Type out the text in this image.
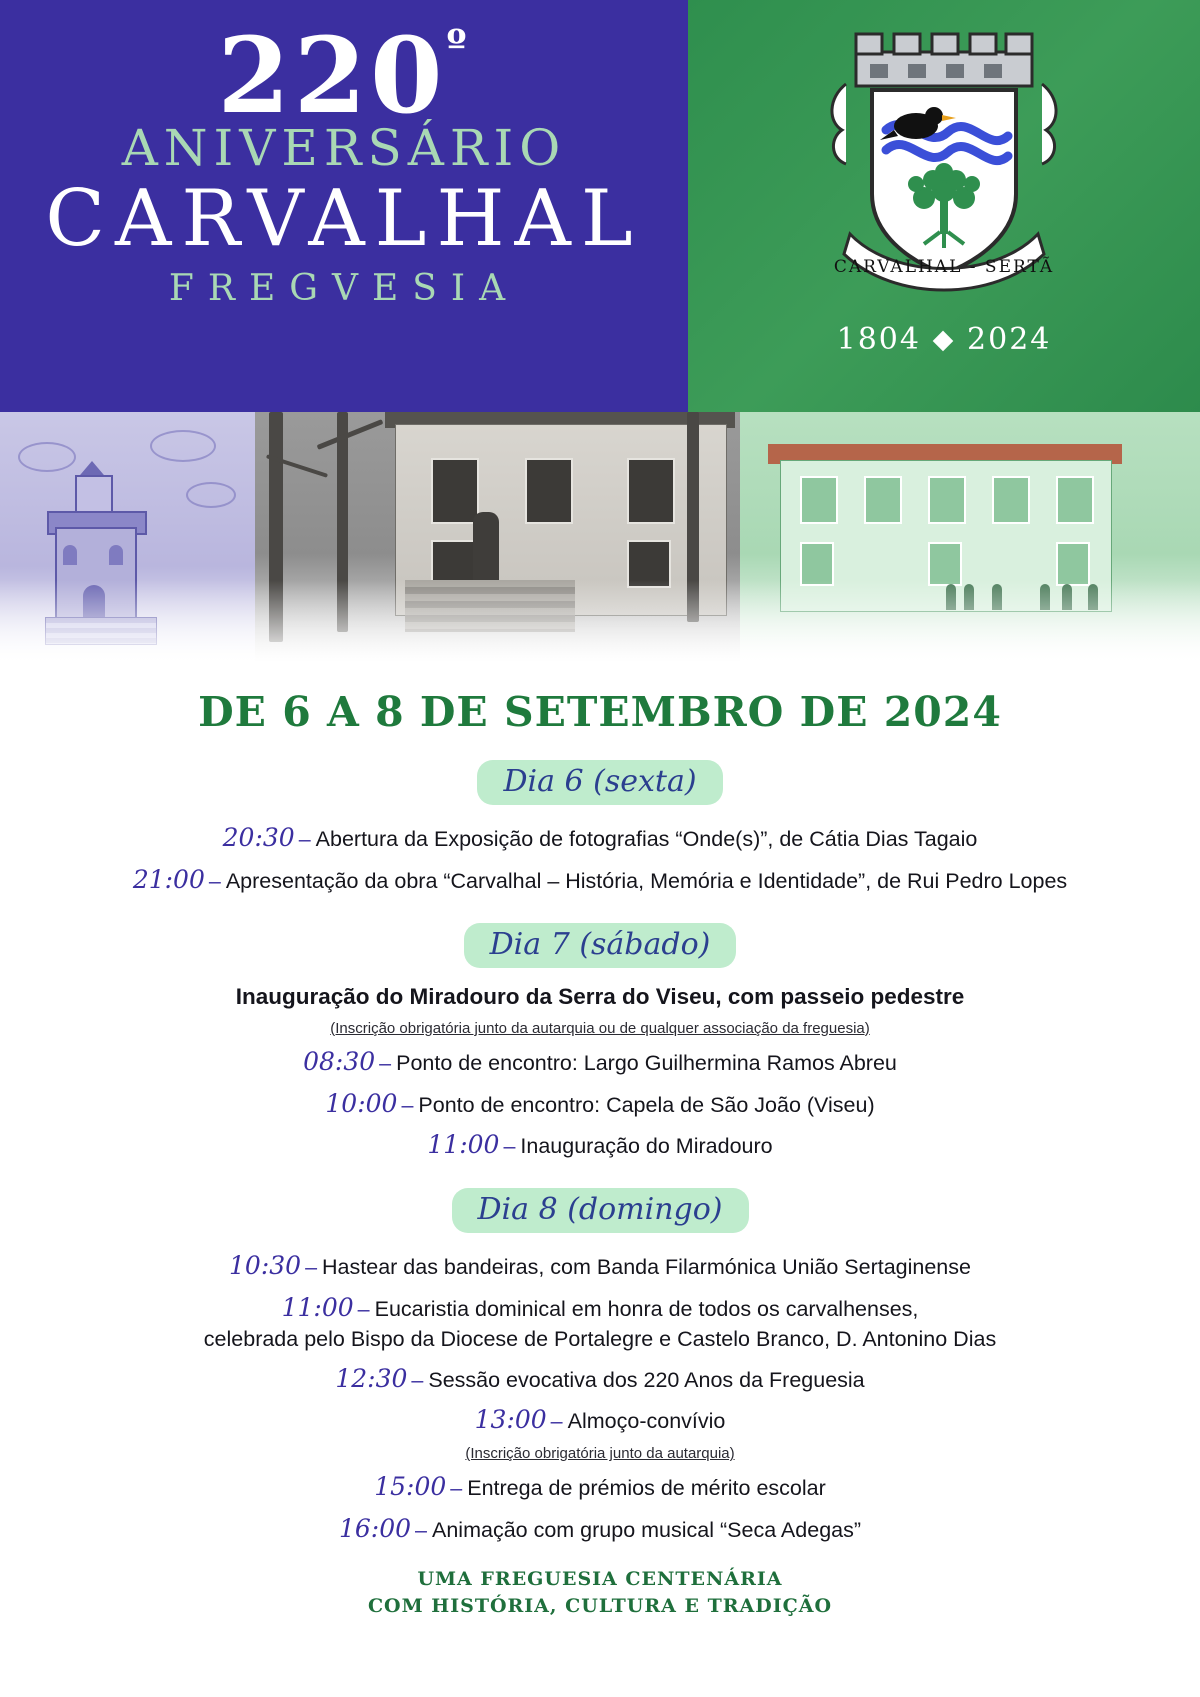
$220^º$
ANIVERSÁRIO
CARVALHAL
FREGVESIA
CARVALHAL - SERTÃ
1804 ⬥ 2024
DE 6 A 8 DE SETEMBRO DE 2024
Dia 6 (sexta)
20:30 – Abertura da Exposição de fotografias “Onde(s)”, de Cátia Dias Tagaio
21:00 – Apresentação da obra “Carvalhal – História, Memória e Identidade”, de Rui Pedro Lopes
Dia 7 (sábado)
Inauguração do Miradouro da Serra do Viseu, com passeio pedestre
(Inscrição obrigatória junto da autarquia ou de qualquer associação da freguesia)
08:30 – Ponto de encontro: Largo Guilhermina Ramos Abreu
10:00 – Ponto de encontro: Capela de São João (Viseu)
11:00 – Inauguração do Miradouro
Dia 8 (domingo)
10:30 – Hastear das bandeiras, com Banda Filarmónica União Sertaginense
11:00 – Eucaristia dominical em honra de todos os carvalhenses,
celebrada pelo Bispo da Diocese de Portalegre e Castelo Branco, D. Antonino Dias
12:30 – Sessão evocativa dos 220 Anos da Freguesia
13:00 – Almoço-convívio
(Inscrição obrigatória junto da autarquia)
15:00 – Entrega de prémios de mérito escolar
16:00 – Animação com grupo musical “Seca Adegas”
UMA FREGUESIA CENTENÁRIA
COM HISTÓRIA, CULTURA E TRADIÇÃO
